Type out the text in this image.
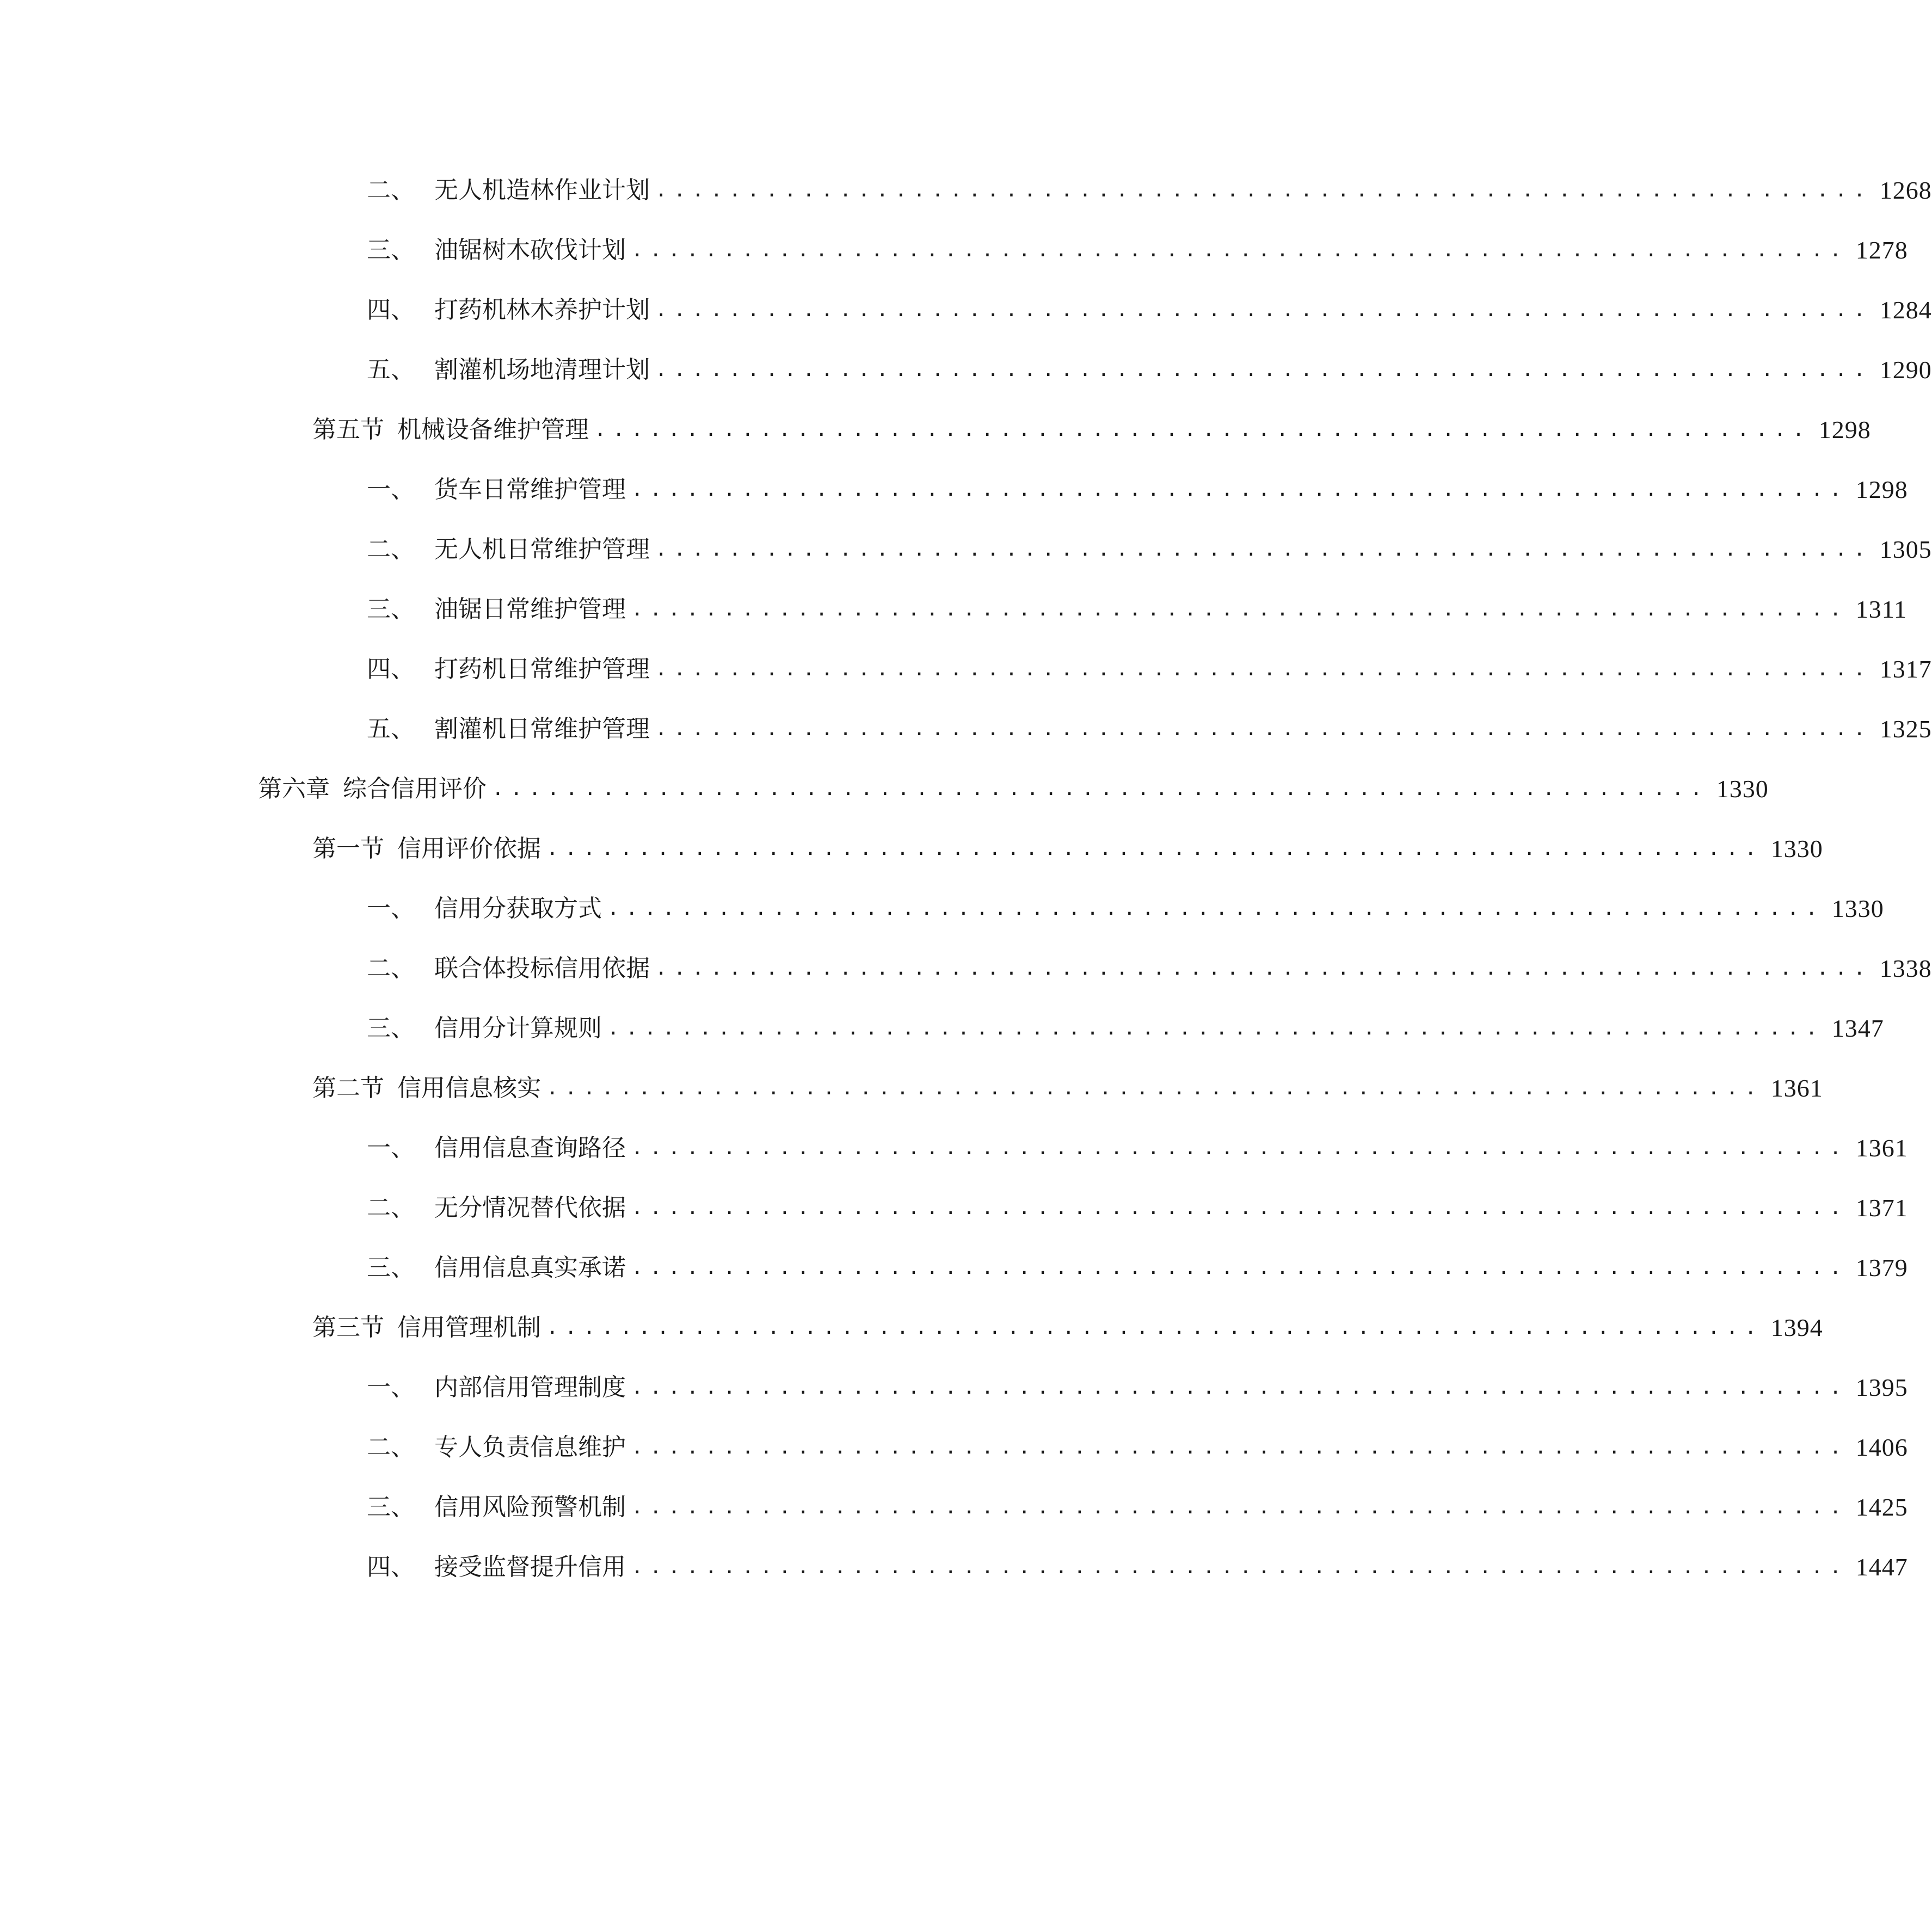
二、 无人机造林作业计划 .................................................................. 1268
三、 油锯树木砍伐计划 .................................................................. 1278
四、 打药机林木养护计划 .................................................................. 1284
五、 割灌机场地清理计划 .................................................................. 1290
第五节 机械设备维护管理 .................................................................. 1298
一、 货车日常维护管理 .................................................................. 1298
二、 无人机日常维护管理 .................................................................. 1305
三、 油锯日常维护管理 .................................................................. 1311
四、 打药机日常维护管理 .................................................................. 1317
五、 割灌机日常维护管理 .................................................................. 1325
第六章 综合信用评价 .................................................................. 1330
第一节 信用评价依据 .................................................................. 1330
一、 信用分获取方式 .................................................................. 1330
二、 联合体投标信用依据 .................................................................. 1338
三、 信用分计算规则 .................................................................. 1347
第二节 信用信息核实 .................................................................. 1361
一、 信用信息查询路径 .................................................................. 1361
二、 无分情况替代依据 .................................................................. 1371
三、 信用信息真实承诺 .................................................................. 1379
第三节 信用管理机制 .................................................................. 1394
一、 内部信用管理制度 .................................................................. 1395
二、 专人负责信息维护 .................................................................. 1406
三、 信用风险预警机制 .................................................................. 1425
四、 接受监督提升信用 .................................................................. 1447
